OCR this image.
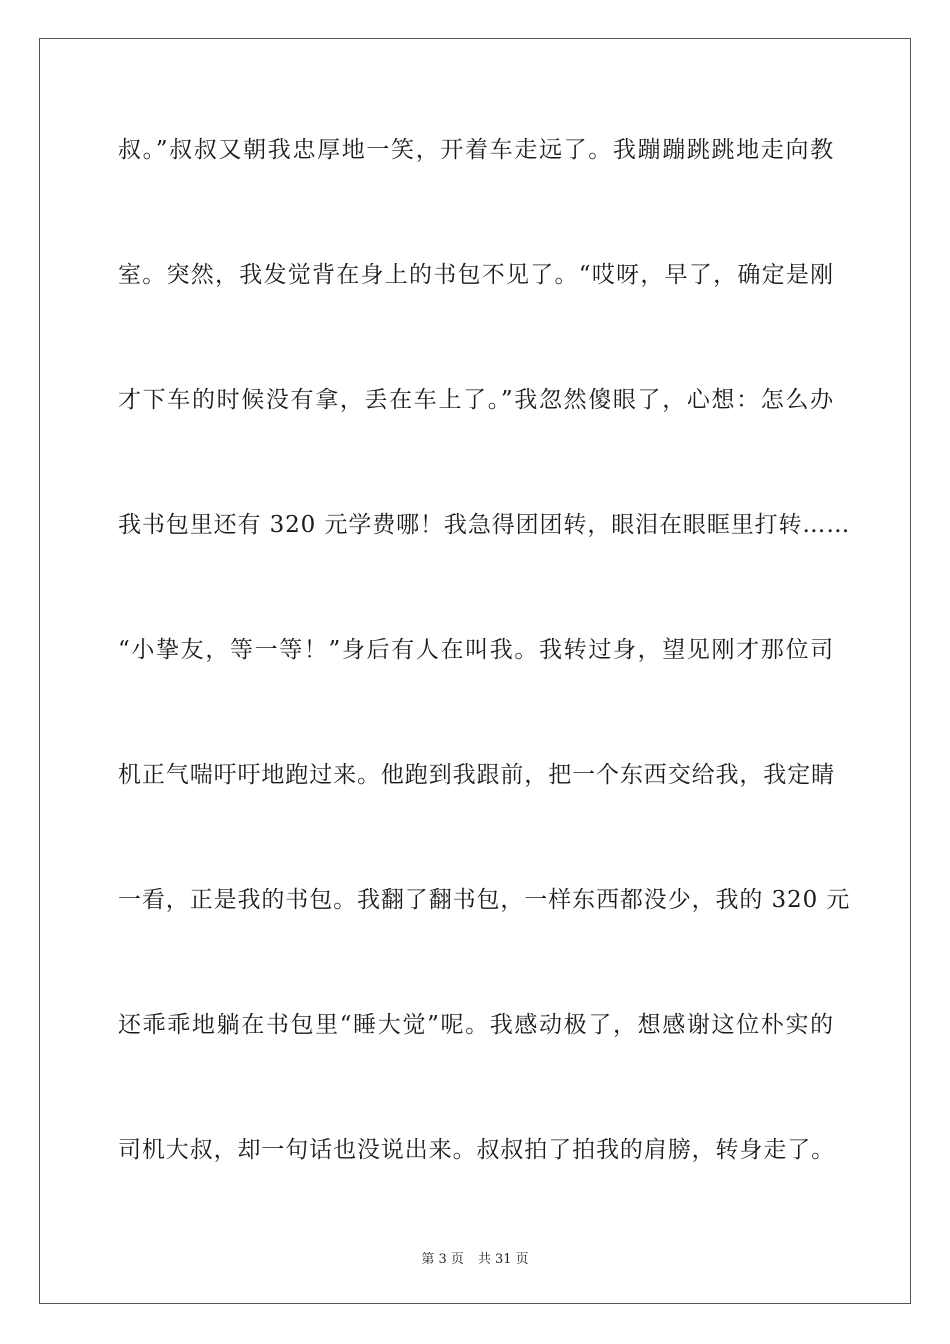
叔。”叔叔又朝我忠厚地一笑，开着车走远了。我蹦蹦跳跳地走向教
室。突然，我发觉背在身上的书包不见了。“哎呀，早了，确定是刚
才下车的时候没有拿，丢在车上了。”我忽然傻眼了，心想：怎么办
我书包里还有 320 元学费哪！我急得团团转，眼泪在眼眶里打转……
“小挚友，等一等！”身后有人在叫我。我转过身，望见刚才那位司
机正气喘吁吁地跑过来。他跑到我跟前，把一个东西交给我，我定睛
一看，正是我的书包。我翻了翻书包，一样东西都没少，我的 320 元
还乖乖地躺在书包里“睡大觉”呢。我感动极了，想感谢这位朴实的
司机大叔，却一句话也没说出来。叔叔拍了拍我的肩膀，转身走了。
第 3 页 共 31 页
